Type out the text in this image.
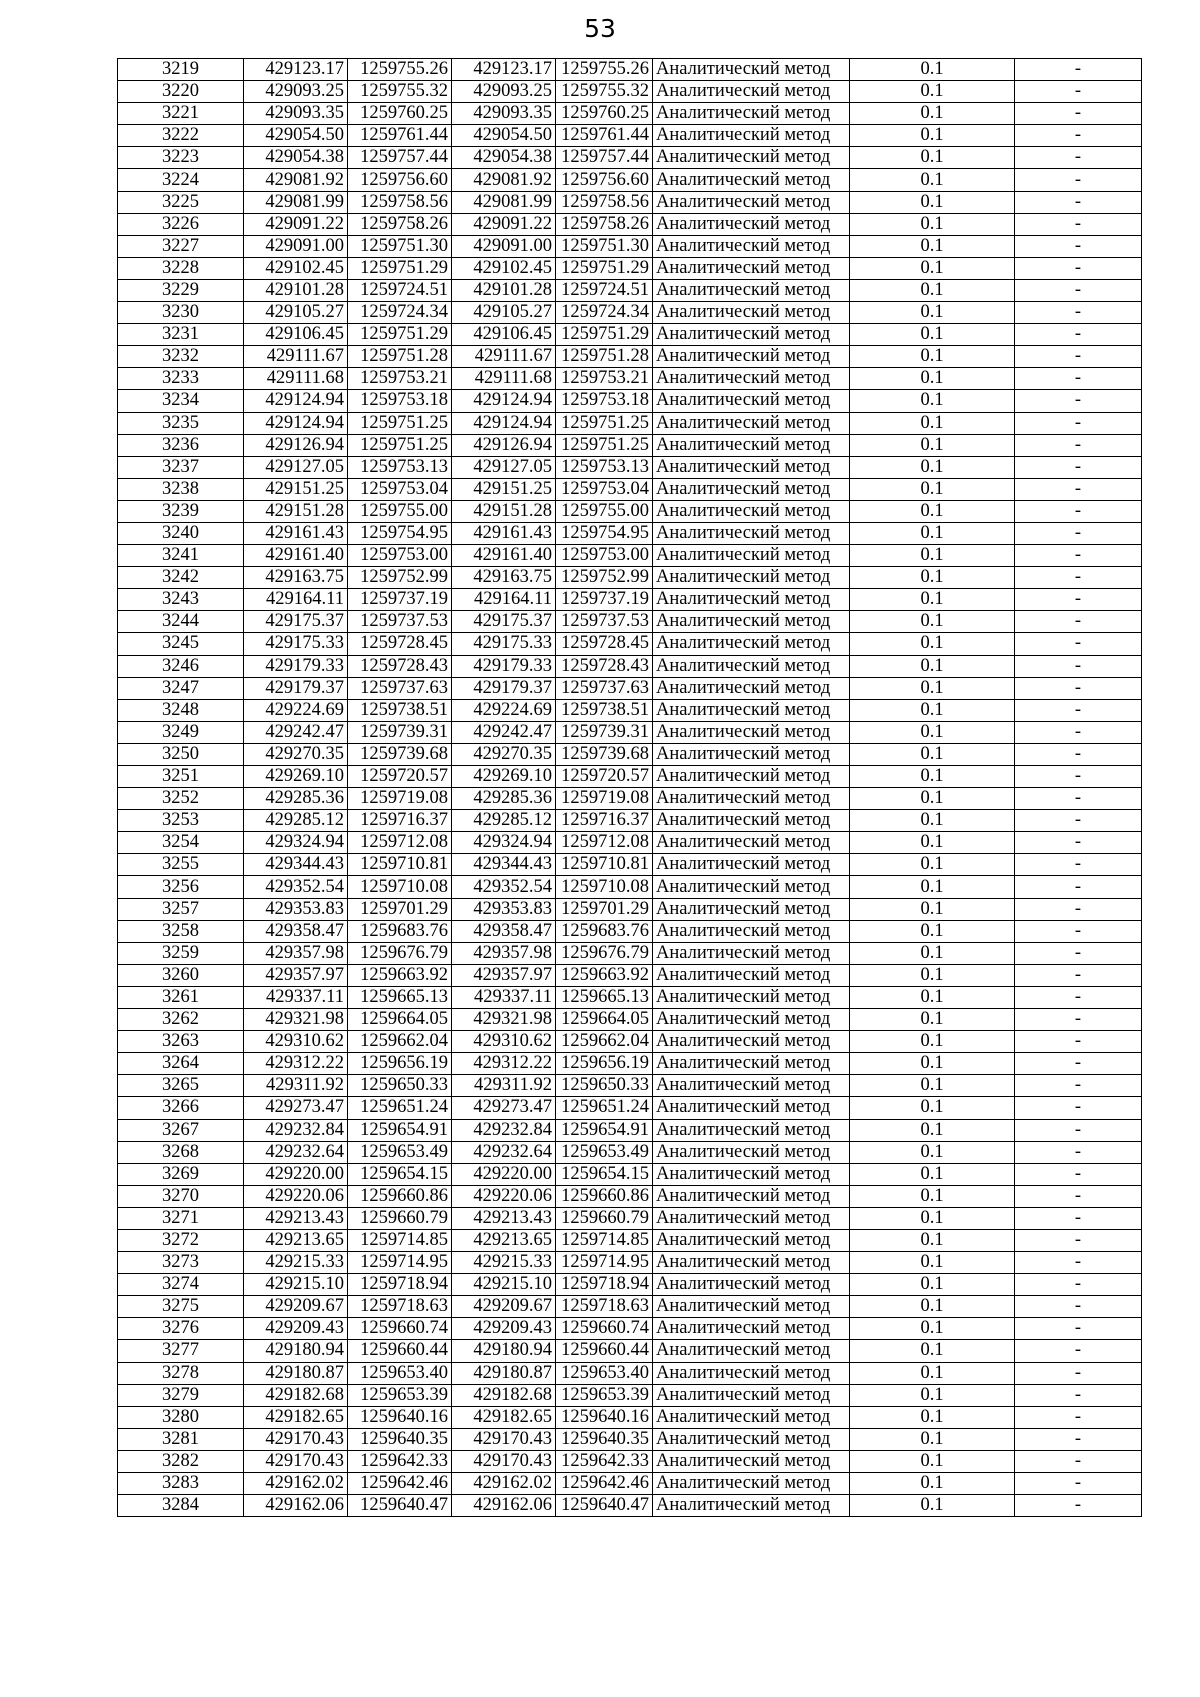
53
3219	429123.17	1259755.26	429123.17	1259755.26	Аналитический метод	0.1	-
3220	429093.25	1259755.32	429093.25	1259755.32	Аналитический метод	0.1	-
3221	429093.35	1259760.25	429093.35	1259760.25	Аналитический метод	0.1	-
3222	429054.50	1259761.44	429054.50	1259761.44	Аналитический метод	0.1	-
3223	429054.38	1259757.44	429054.38	1259757.44	Аналитический метод	0.1	-
3224	429081.92	1259756.60	429081.92	1259756.60	Аналитический метод	0.1	-
3225	429081.99	1259758.56	429081.99	1259758.56	Аналитический метод	0.1	-
3226	429091.22	1259758.26	429091.22	1259758.26	Аналитический метод	0.1	-
3227	429091.00	1259751.30	429091.00	1259751.30	Аналитический метод	0.1	-
3228	429102.45	1259751.29	429102.45	1259751.29	Аналитический метод	0.1	-
3229	429101.28	1259724.51	429101.28	1259724.51	Аналитический метод	0.1	-
3230	429105.27	1259724.34	429105.27	1259724.34	Аналитический метод	0.1	-
3231	429106.45	1259751.29	429106.45	1259751.29	Аналитический метод	0.1	-
3232	429111.67	1259751.28	429111.67	1259751.28	Аналитический метод	0.1	-
3233	429111.68	1259753.21	429111.68	1259753.21	Аналитический метод	0.1	-
3234	429124.94	1259753.18	429124.94	1259753.18	Аналитический метод	0.1	-
3235	429124.94	1259751.25	429124.94	1259751.25	Аналитический метод	0.1	-
3236	429126.94	1259751.25	429126.94	1259751.25	Аналитический метод	0.1	-
3237	429127.05	1259753.13	429127.05	1259753.13	Аналитический метод	0.1	-
3238	429151.25	1259753.04	429151.25	1259753.04	Аналитический метод	0.1	-
3239	429151.28	1259755.00	429151.28	1259755.00	Аналитический метод	0.1	-
3240	429161.43	1259754.95	429161.43	1259754.95	Аналитический метод	0.1	-
3241	429161.40	1259753.00	429161.40	1259753.00	Аналитический метод	0.1	-
3242	429163.75	1259752.99	429163.75	1259752.99	Аналитический метод	0.1	-
3243	429164.11	1259737.19	429164.11	1259737.19	Аналитический метод	0.1	-
3244	429175.37	1259737.53	429175.37	1259737.53	Аналитический метод	0.1	-
3245	429175.33	1259728.45	429175.33	1259728.45	Аналитический метод	0.1	-
3246	429179.33	1259728.43	429179.33	1259728.43	Аналитический метод	0.1	-
3247	429179.37	1259737.63	429179.37	1259737.63	Аналитический метод	0.1	-
3248	429224.69	1259738.51	429224.69	1259738.51	Аналитический метод	0.1	-
3249	429242.47	1259739.31	429242.47	1259739.31	Аналитический метод	0.1	-
3250	429270.35	1259739.68	429270.35	1259739.68	Аналитический метод	0.1	-
3251	429269.10	1259720.57	429269.10	1259720.57	Аналитический метод	0.1	-
3252	429285.36	1259719.08	429285.36	1259719.08	Аналитический метод	0.1	-
3253	429285.12	1259716.37	429285.12	1259716.37	Аналитический метод	0.1	-
3254	429324.94	1259712.08	429324.94	1259712.08	Аналитический метод	0.1	-
3255	429344.43	1259710.81	429344.43	1259710.81	Аналитический метод	0.1	-
3256	429352.54	1259710.08	429352.54	1259710.08	Аналитический метод	0.1	-
3257	429353.83	1259701.29	429353.83	1259701.29	Аналитический метод	0.1	-
3258	429358.47	1259683.76	429358.47	1259683.76	Аналитический метод	0.1	-
3259	429357.98	1259676.79	429357.98	1259676.79	Аналитический метод	0.1	-
3260	429357.97	1259663.92	429357.97	1259663.92	Аналитический метод	0.1	-
3261	429337.11	1259665.13	429337.11	1259665.13	Аналитический метод	0.1	-
3262	429321.98	1259664.05	429321.98	1259664.05	Аналитический метод	0.1	-
3263	429310.62	1259662.04	429310.62	1259662.04	Аналитический метод	0.1	-
3264	429312.22	1259656.19	429312.22	1259656.19	Аналитический метод	0.1	-
3265	429311.92	1259650.33	429311.92	1259650.33	Аналитический метод	0.1	-
3266	429273.47	1259651.24	429273.47	1259651.24	Аналитический метод	0.1	-
3267	429232.84	1259654.91	429232.84	1259654.91	Аналитический метод	0.1	-
3268	429232.64	1259653.49	429232.64	1259653.49	Аналитический метод	0.1	-
3269	429220.00	1259654.15	429220.00	1259654.15	Аналитический метод	0.1	-
3270	429220.06	1259660.86	429220.06	1259660.86	Аналитический метод	0.1	-
3271	429213.43	1259660.79	429213.43	1259660.79	Аналитический метод	0.1	-
3272	429213.65	1259714.85	429213.65	1259714.85	Аналитический метод	0.1	-
3273	429215.33	1259714.95	429215.33	1259714.95	Аналитический метод	0.1	-
3274	429215.10	1259718.94	429215.10	1259718.94	Аналитический метод	0.1	-
3275	429209.67	1259718.63	429209.67	1259718.63	Аналитический метод	0.1	-
3276	429209.43	1259660.74	429209.43	1259660.74	Аналитический метод	0.1	-
3277	429180.94	1259660.44	429180.94	1259660.44	Аналитический метод	0.1	-
3278	429180.87	1259653.40	429180.87	1259653.40	Аналитический метод	0.1	-
3279	429182.68	1259653.39	429182.68	1259653.39	Аналитический метод	0.1	-
3280	429182.65	1259640.16	429182.65	1259640.16	Аналитический метод	0.1	-
3281	429170.43	1259640.35	429170.43	1259640.35	Аналитический метод	0.1	-
3282	429170.43	1259642.33	429170.43	1259642.33	Аналитический метод	0.1	-
3283	429162.02	1259642.46	429162.02	1259642.46	Аналитический метод	0.1	-
3284	429162.06	1259640.47	429162.06	1259640.47	Аналитический метод	0.1	-
